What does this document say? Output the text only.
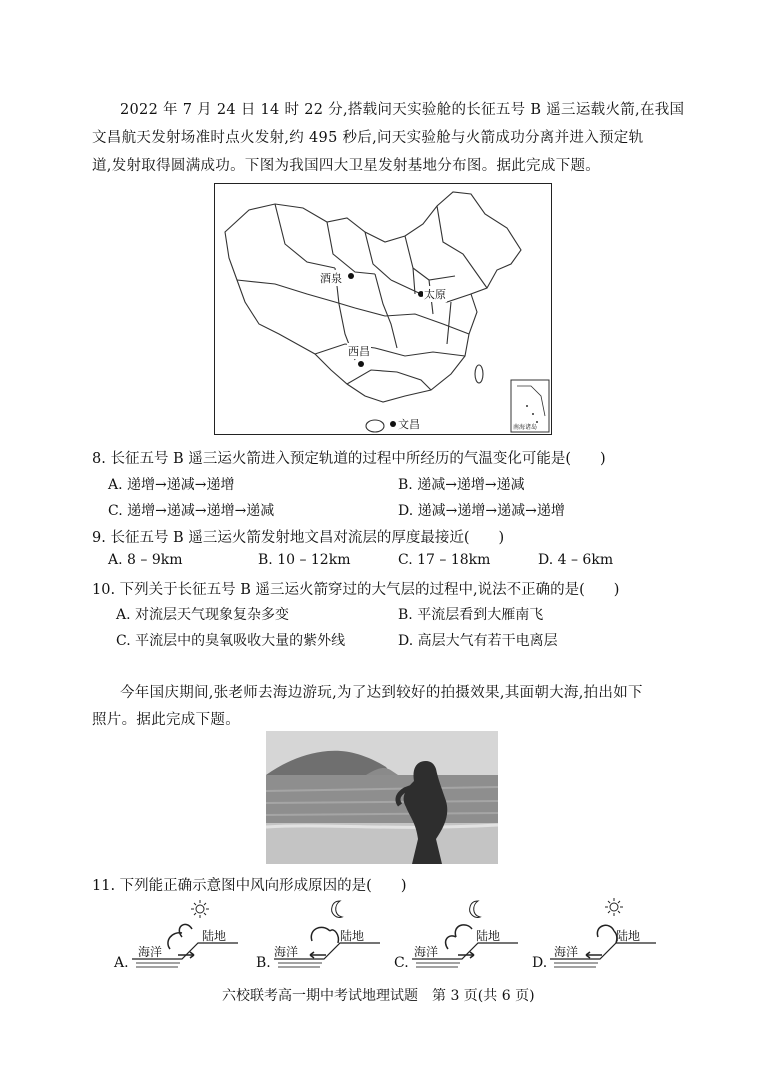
2022 年 7 月 24 日 14 时 22 分,搭载问天实验舱的长征五号 B 遥三运载火箭,在我国
文昌航天发射场准时点火发射,约 495 秒后,问天实验舱与火箭成功分离并进入预定轨
道,发射取得圆满成功。下图为我国四大卫星发射基地分布图。据此完成下题。
酒泉
太原
西昌
文昌	南海诸岛
8. 长征五号 B 遥三运火箭进入预定轨道的过程中所经历的气温变化可能是(　　)
A. 递增→递减→递增	B. 递减→递增→递减
C. 递增→递减→递增→递减	D. 递减→递增→递减→递增
9. 长征五号 B 遥三运火箭发射地文昌对流层的厚度最接近(　　)
A. 8 – 9km	B. 10 – 12km	C. 17 – 18km	D. 4 – 6km
10. 下列关于长征五号 B 遥三运火箭穿过的大气层的过程中,说法不正确的是(　　)
A. 对流层天气现象复杂多变	B. 平流层看到大雁南飞
C. 平流层中的臭氧吸收大量的紫外线	D. 高层大气有若干电离层
今年国庆期间,张老师去海边游玩,为了达到较好的拍摄效果,其面朝大海,拍出如下
照片。据此完成下题。
11. 下列能正确示意图中风向形成原因的是(　　)
A.
海洋
陆地
B.
海洋
陆地
C.
海洋
陆地
D.
海洋
陆地
六校联考高一期中考试地理试题　第 3 页(共 6 页)
